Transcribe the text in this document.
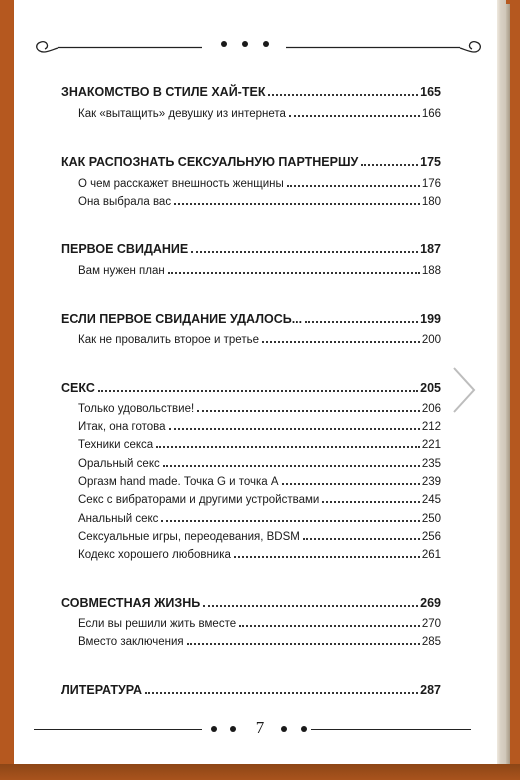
ЗНАКОМСТВО В СТИЛЕ ХАЙ-ТЕК	165
Как «вытащить» девушку из интернета	166
КАК РАСПОЗНАТЬ СЕКСУАЛЬНУЮ ПАРТНЕРШУ	175
О чем расскажет внешность женщины	176
Она выбрала вас	180
ПЕРВОЕ СВИДАНИЕ	187
Вам нужен план	188
ЕСЛИ ПЕРВОЕ СВИДАНИЕ УДАЛОСЬ...	199
Как не провалить второе и третье	200
СЕКС	205
Только удовольствие!	206
Итак, она готова	212
Техники секса	221
Оральный секс	235
Оргазм hand made. Точка G и точка A	239
Секс с вибраторами и другими устройствами	245
Анальный секс	250
Сексуальные игры, переодевания, BDSM	256
Кодекс хорошего любовника	261
СОВМЕСТНАЯ ЖИЗНЬ	269
Если вы решили жить вместе	270
Вместо заключения	285
ЛИТЕРАТУРА	287
7
